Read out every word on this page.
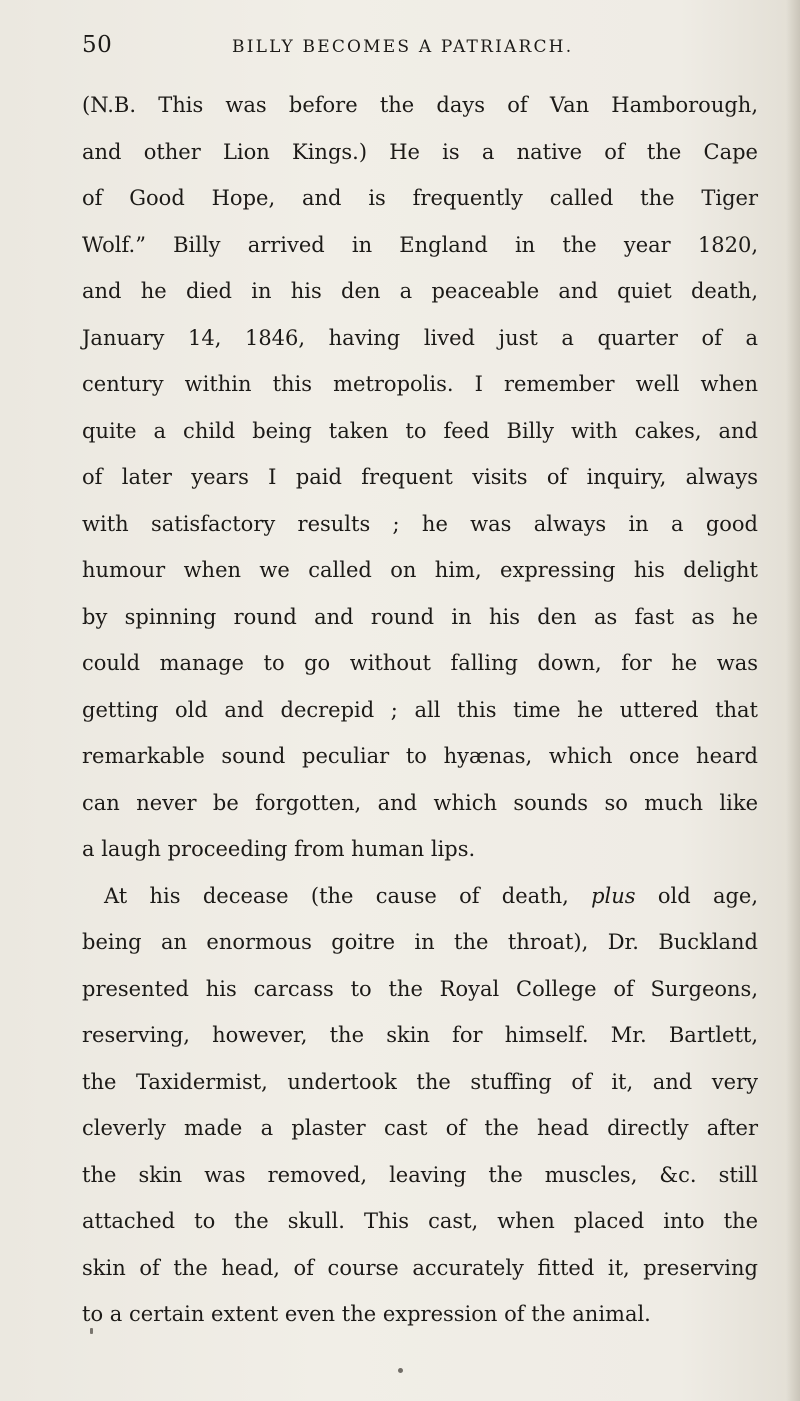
50	BILLY BECOMES A PATRIARCH.
(N.B. This was before the days of Van Hamborough,
and other Lion Kings.) He is a native of the Cape
of Good Hope, and is frequently called the Tiger
Wolf.” Billy arrived in England in the year 1820,
and he died in his den a peaceable and quiet death,
January 14, 1846, having lived just a quarter of a
century within this metropolis. I remember well when
quite a child being taken to feed Billy with cakes, and
of later years I paid frequent visits of inquiry, always
with satisfactory results ; he was always in a good
humour when we called on him, expressing his delight
by spinning round and round in his den as fast as he
could manage to go without falling down, for he was
getting old and decrepid ; all this time he uttered that
remarkable sound peculiar to hyænas, which once heard
can never be forgotten, and which sounds so much like
a laugh proceeding from human lips.
At his decease (the cause of death, plus old age,
being an enormous goitre in the throat), Dr. Buckland
presented his carcass to the Royal College of Surgeons,
reserving, however, the skin for himself. Mr. Bartlett,
the Taxidermist, undertook the stuffing of it, and very
cleverly made a plaster cast of the head directly after
the skin was removed, leaving the muscles, &c. still
attached to the skull. This cast, when placed into the
skin of the head, of course accurately fitted it, preserving
to a certain extent even the expression of the animal.
